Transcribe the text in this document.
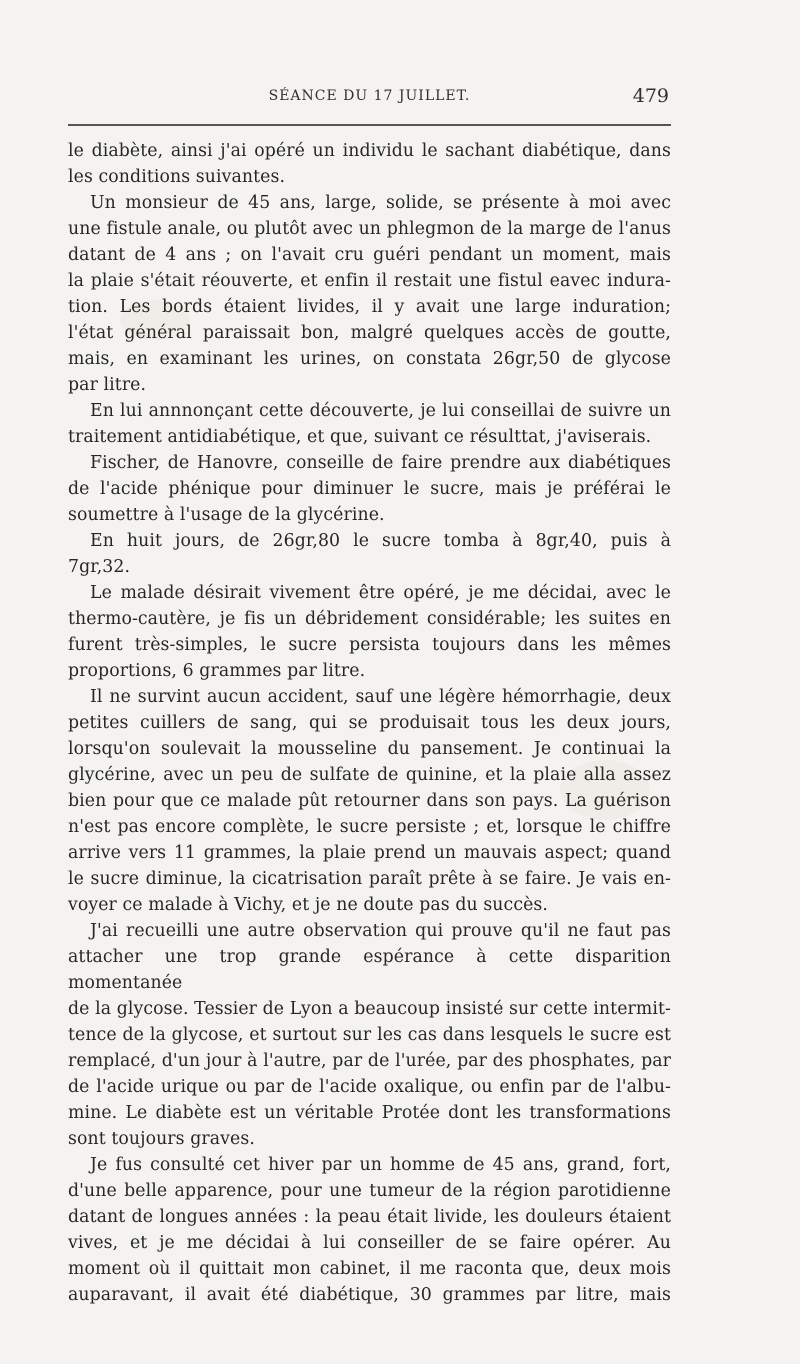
SÉANCE DU 17 JUILLET.	479

le diabète, ainsi j'ai opéré un individu le sachant diabétique, dans

les conditions suivantes.

Un monsieur de 45 ans, large, solide, se présente à moi avec

une fistule anale, ou plutôt avec un phlegmon de la marge de l'anus

datant de 4 ans ; on l'avait cru guéri pendant un moment, mais

la plaie s'était réouverte, et enfin il restait une fistul eavec indura-

tion. Les bords étaient livides, il y avait une large induration;

l'état général paraissait bon, malgré quelques accès de goutte,

mais, en examinant les urines, on constata 26gr,50 de glycose

par litre.

En lui annnonçant cette découverte, je lui conseillai de suivre un

traitement antidiabétique, et que, suivant ce résulttat, j'aviserais.

Fischer, de Hanovre, conseille de faire prendre aux diabétiques

de l'acide phénique pour diminuer le sucre, mais je préférai le

soumettre à l'usage de la glycérine.

En huit jours, de 26gr,80 le sucre tomba à 8gr,40, puis à

7gr,32.

Le malade désirait vivement être opéré, je me décidai, avec le

thermo-cautère, je fis un débridement considérable; les suites en

furent très-simples, le sucre persista toujours dans les mêmes

proportions, 6 grammes par litre.

Il ne survint aucun accident, sauf une légère hémorrhagie, deux

petites cuillers de sang, qui se produisait tous les deux jours,

lorsqu'on soulevait la mousseline du pansement. Je continuai la

glycérine, avec un peu de sulfate de quinine, et la plaie alla assez

bien pour que ce malade pût retourner dans son pays. La guérison

n'est pas encore complète, le sucre persiste ; et, lorsque le chiffre

arrive vers 11 grammes, la plaie prend un mauvais aspect; quand

le sucre diminue, la cicatrisation paraît prête à se faire. Je vais en-

voyer ce malade à Vichy, et je ne doute pas du succès.

J'ai recueilli une autre observation qui prouve qu'il ne faut pas

attacher une trop grande espérance à cette disparition momentanée

de la glycose. Tessier de Lyon a beaucoup insisté sur cette intermit-

tence de la glycose, et surtout sur les cas dans lesquels le sucre est

remplacé, d'un jour à l'autre, par de l'urée, par des phosphates, par

de l'acide urique ou par de l'acide oxalique, ou enfin par de l'albu-

mine. Le diabète est un véritable Protée dont les transformations

sont toujours graves.

Je fus consulté cet hiver par un homme de 45 ans, grand, fort,

d'une belle apparence, pour une tumeur de la région parotidienne

datant de longues années : la peau était livide, les douleurs étaient

vives, et je me décidai à lui conseiller de se faire opérer. Au

moment où il quittait mon cabinet, il me raconta que, deux mois

auparavant, il avait été diabétique, 30 grammes par litre, mais
